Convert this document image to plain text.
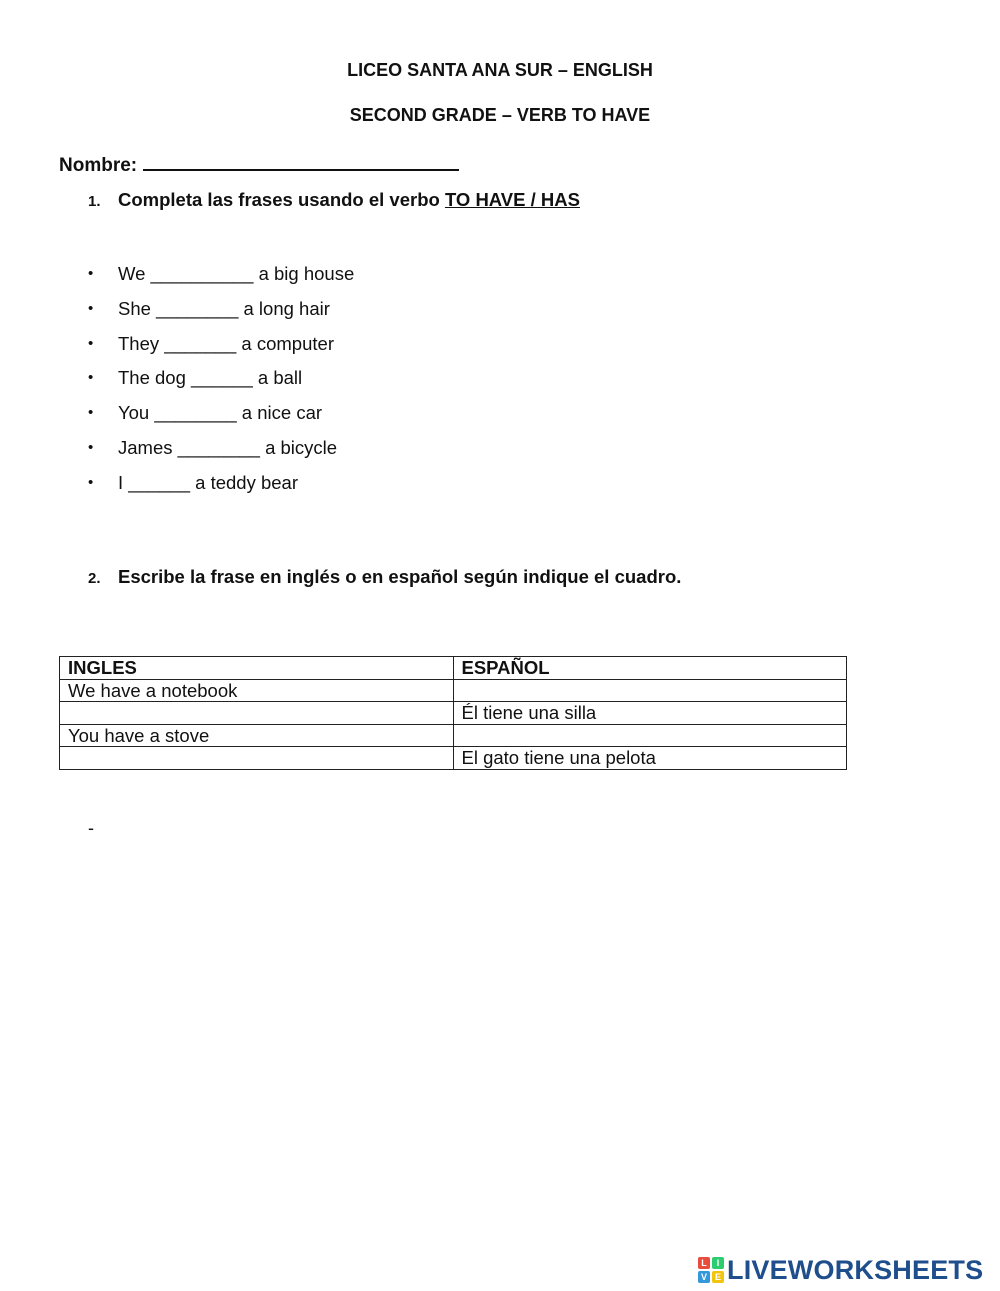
LICEO SANTA ANA SUR – ENGLISH

SECOND GRADE – VERB TO HAVE

Nombre:
1. Completa las frases usando el verbo TO HAVE / HAS
•	We __________ a big house
•	She ________ a long hair
•	They _______ a computer
•	The dog ______ a ball
•	You ________ a nice car
•	James ________ a bicycle
•	I ______ a teddy bear
2. Escribe la frase en inglés o en español según indique el cuadro.
INGLES	ESPAÑOL
We have a notebook	
	Él tiene una silla
You have a stove	
	El gato tiene una pelota
-
L	I
V E LIVEWORKSHEETS
